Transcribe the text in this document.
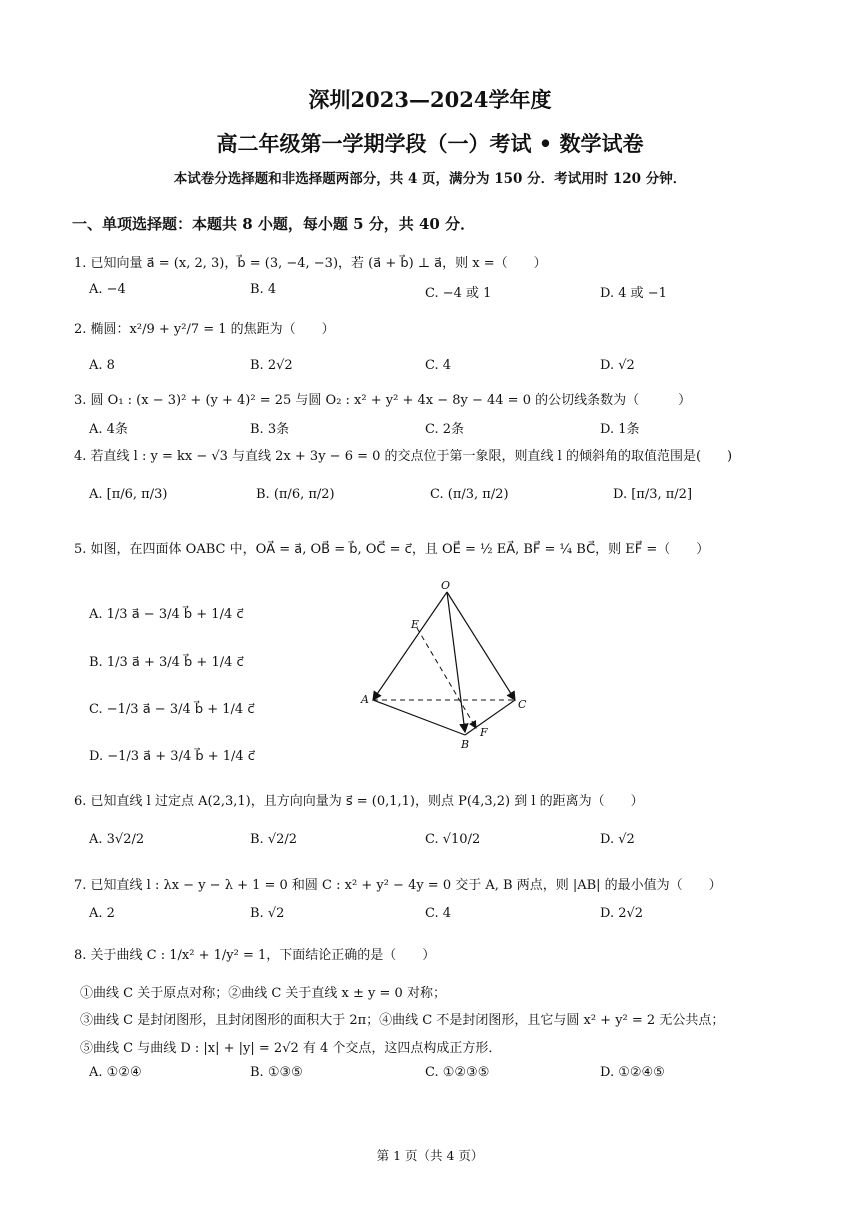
深圳2023—2024学年度
高二年级第一学期学段（一）考试 • 数学试卷
本试卷分选择题和非选择题两部分，共 4 页，满分为 150 分．考试用时 120 分钟．
一、单项选择题：本题共 8 小题，每小题 5 分，共 40 分．
1. 已知向量 a⃗ = (x, 2, 3)，b⃗ = (3, −4, −3)，若 (a⃗ + b⃗) ⊥ a⃗，则 x =（　　）
A. −4	B. 4	C. −4 或 1	D. 4 或 −1
2. 椭圆：x²/9 + y²/7 = 1 的焦距为（　　）
A. 8	B. 2√2	C. 4	D. √2
3. 圆 O₁ : (x − 3)² + (y + 4)² = 25 与圆 O₂ : x² + y² + 4x − 8y − 44 = 0 的公切线条数为（　　　）
A. 4条	B. 3条	C. 2条	D. 1条
4. 若直线 l : y = kx − √3 与直线 2x + 3y − 6 = 0 的交点位于第一象限，则直线 l 的倾斜角的取值范围是(　　)
A. [π/6, π/3)	B. (π/6, π/2)	C. (π/3, π/2)	D. [π/3, π/2]
5. 如图，在四面体 OABC 中，OA⃗ = a⃗, OB⃗ = b⃗, OC⃗ = c⃗，且 OE⃗ = ½ EA⃗, BF⃗ = ¼ BC⃗，则 EF⃗ =（　　）
A. 1/3 a⃗ − 3/4 b⃗ + 1/4 c⃗
B. 1/3 a⃗ + 3/4 b⃗ + 1/4 c⃗
C. −1/3 a⃗ − 3/4 b⃗ + 1/4 c⃗
D. −1/3 a⃗ + 3/4 b⃗ + 1/4 c⃗
O
E
A	C
B
F
6. 已知直线 l 过定点 A(2,3,1)，且方向向量为 s⃗ = (0,1,1)，则点 P(4,3,2) 到 l 的距离为（　　）
A. 3√2/2	B. √2/2	C. √10/2	D. √2
7. 已知直线 l : λx − y − λ + 1 = 0 和圆 C : x² + y² − 4y = 0 交于 A, B 两点，则 |AB| 的最小值为（　　）
A. 2	B. √2	C. 4	D. 2√2
8. 关于曲线 C : 1/x² + 1/y² = 1，下面结论正确的是（　　）
①曲线 C 关于原点对称；②曲线 C 关于直线 x ± y = 0 对称；
③曲线 C 是封闭图形，且封闭图形的面积大于 2π；④曲线 C 不是封闭图形，且它与圆 x² + y² = 2 无公共点；
⑤曲线 C 与曲线 D : |x| + |y| = 2√2 有 4 个交点，这四点构成正方形．
A. ①②④	B. ①③⑤	C. ①②③⑤	D. ①②④⑤
第 1 页（共 4 页）
